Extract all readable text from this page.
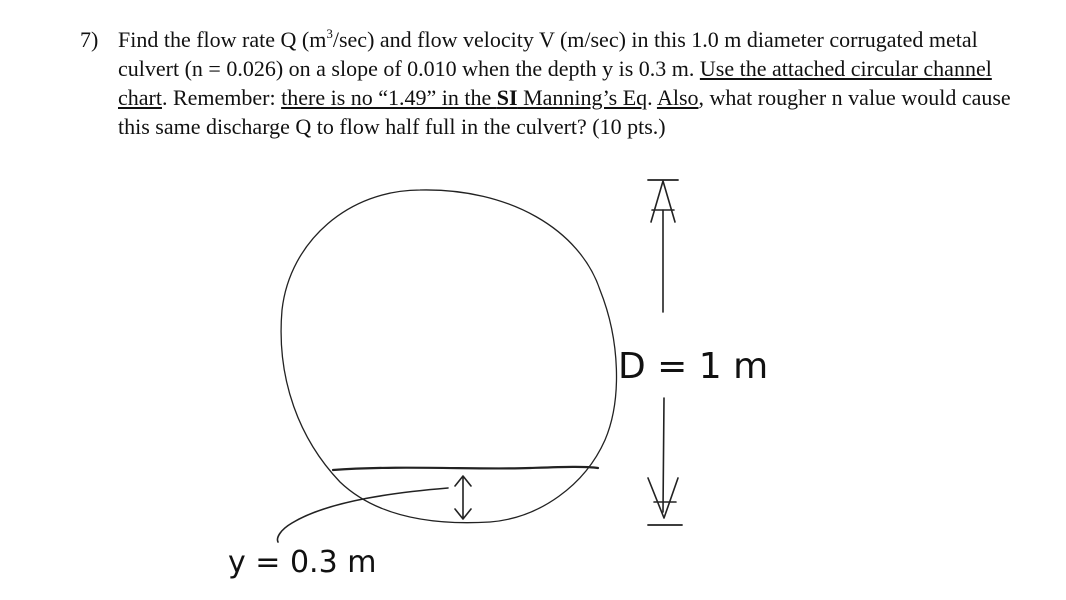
7) Find the flow rate Q $(m^3/\sec)$ and flow velocity V (m/sec) in this 1.0 m diameter corrugated metal culvert (n = 0.026) on a slope of 0.010 when the depth y is 0.3 m. Use the attached circular channel chart. Remember: there is no “1.49” in the SI Manning’s Eq. Also, what rougher n value would cause this same discharge Q to flow half full in the culvert? (10 pts.)
D = 1 m
y = 0.3 m
